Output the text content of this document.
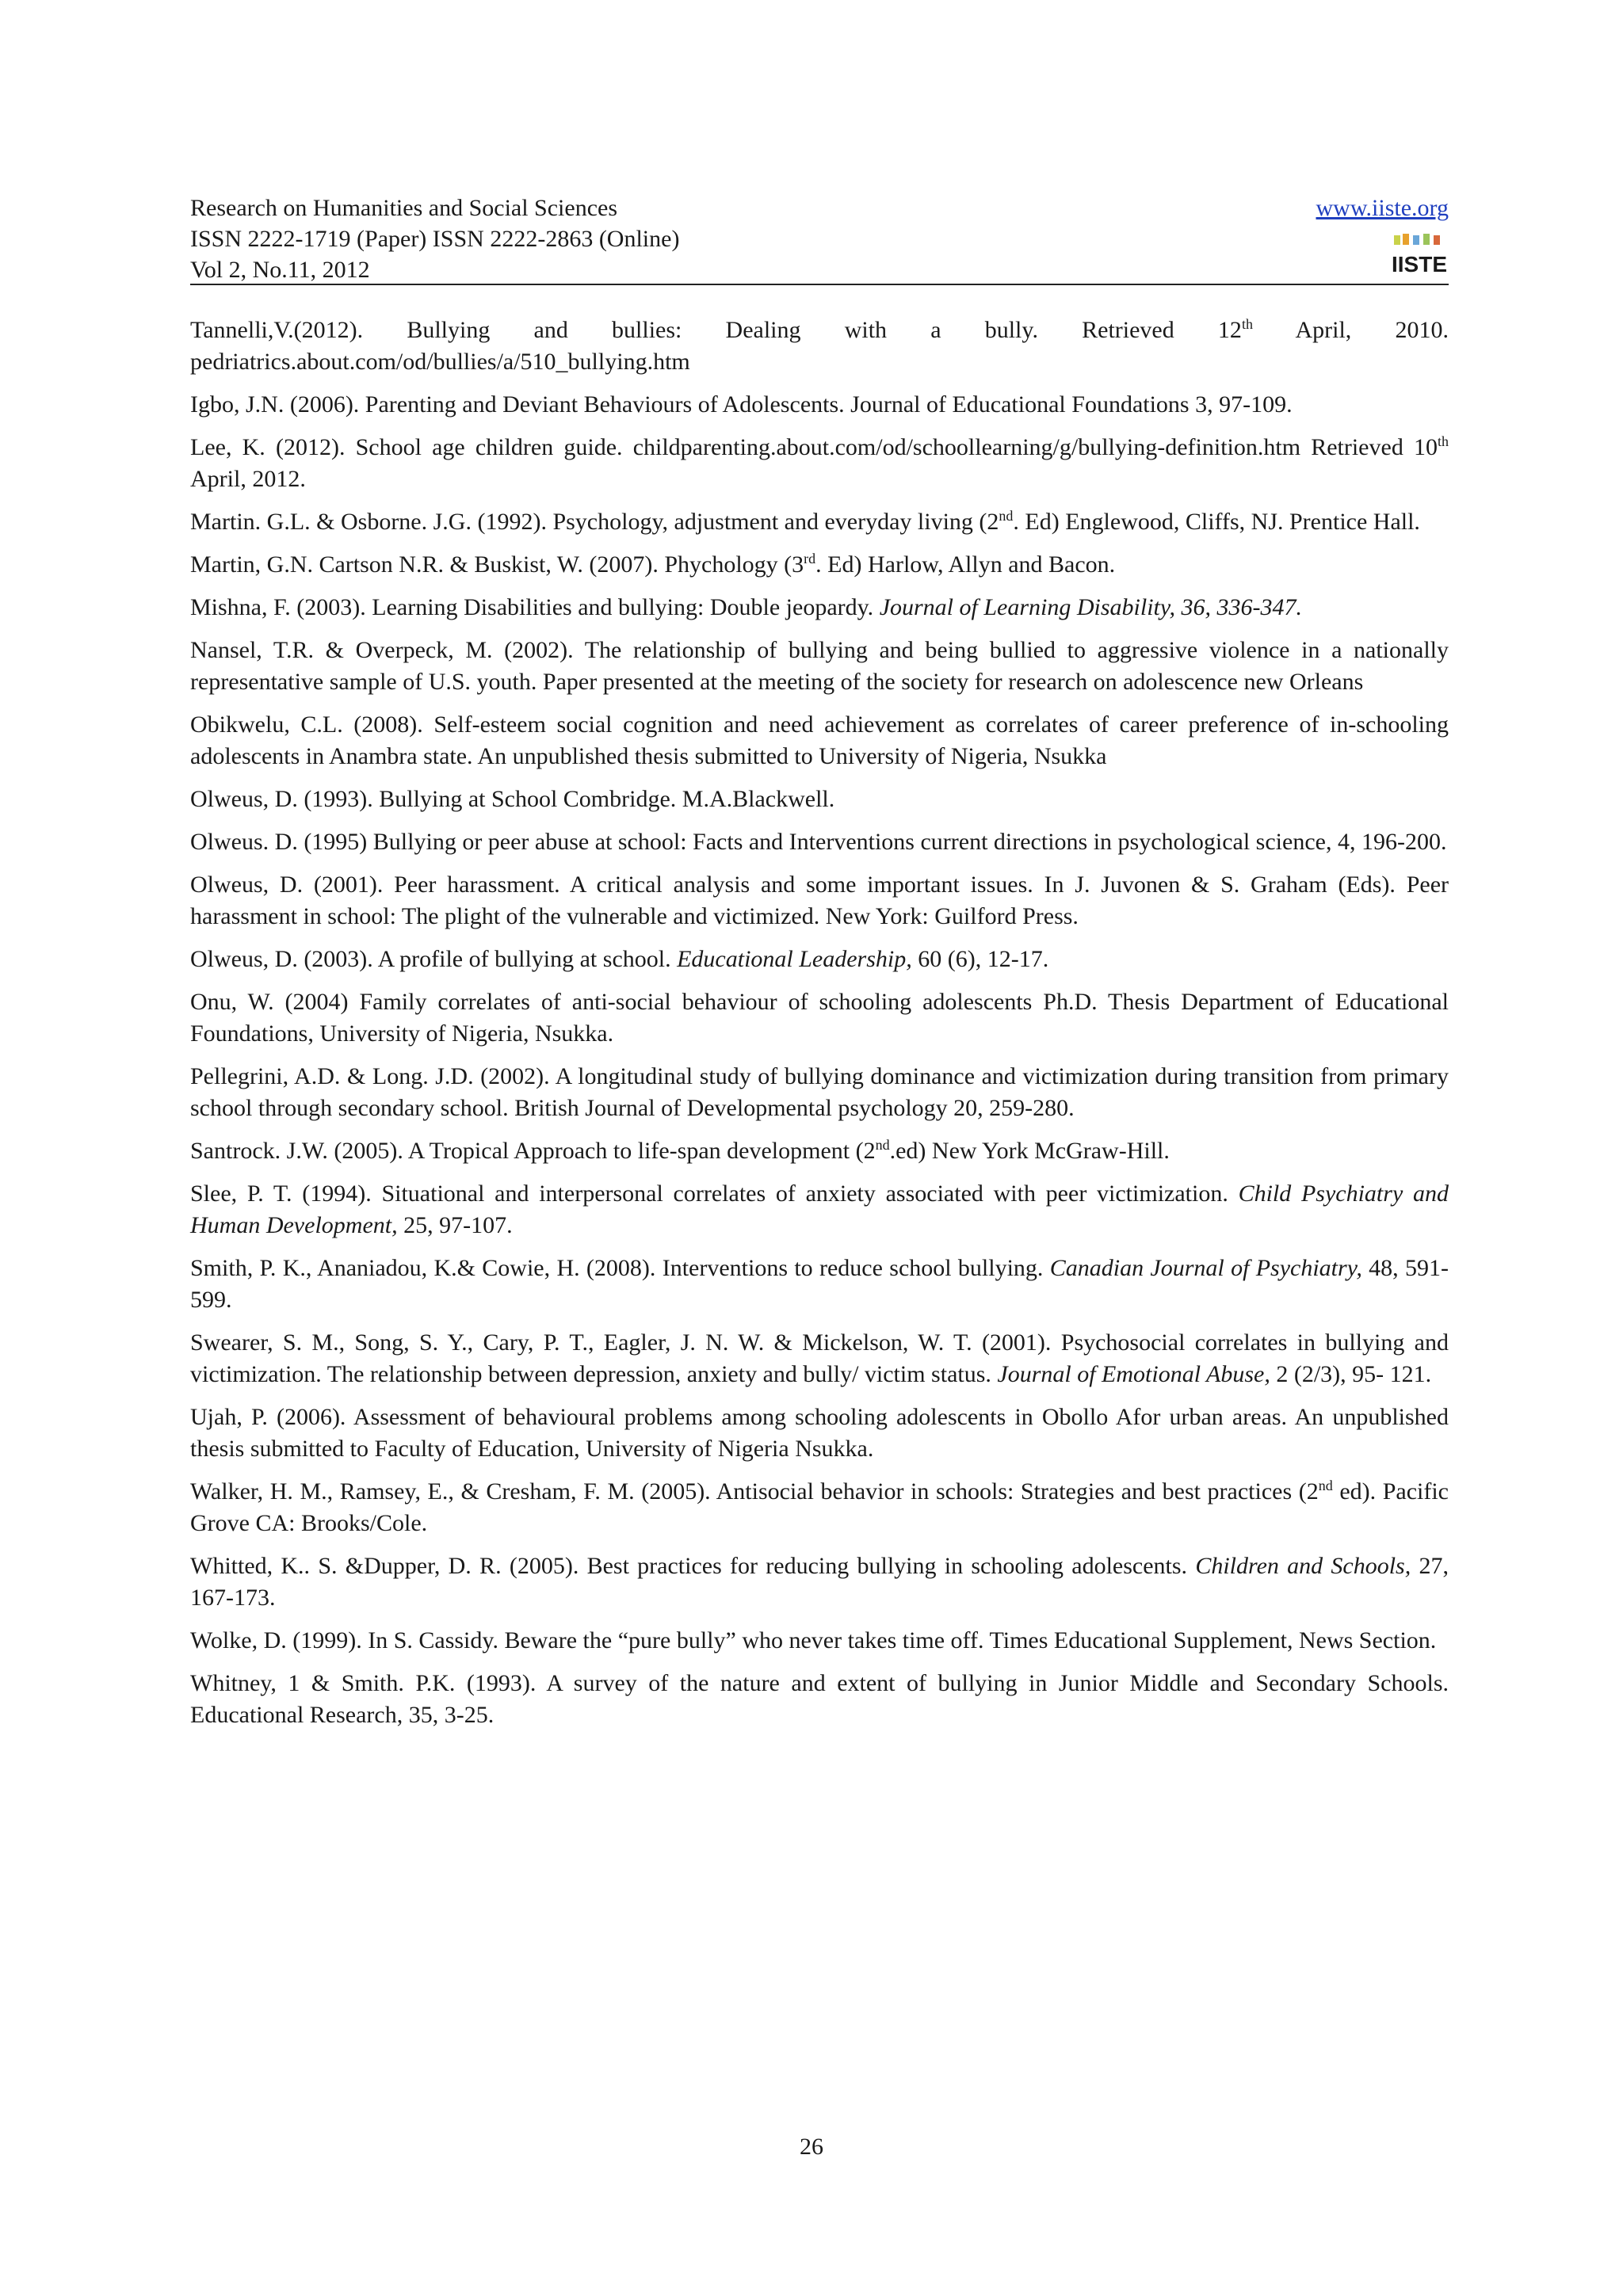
Research on Humanities and Social Sciences
ISSN 2222-1719 (Paper) ISSN 2222-2863 (Online)
Vol 2, No.11, 2012
www.iiste.org
IISTE

Tannelli,V.(2012). Bullying and bullies: Dealing with a bully. Retrieved 12th April, 2010. pedriatrics.about.com/od/bullies/a/510_bullying.htm

Igbo, J.N. (2006). Parenting and Deviant Behaviours of Adolescents. Journal of Educational Foundations 3, 97-109.

Lee, K. (2012). School age children guide. childparenting.about.com/od/schoollearning/g/bullying-definition.htm Retrieved 10th April, 2012.

Martin. G.L. & Osborne. J.G. (1992). Psychology, adjustment and everyday living (2nd. Ed) Englewood, Cliffs, NJ. Prentice Hall.

Martin, G.N. Cartson N.R. & Buskist, W. (2007). Phychology (3rd. Ed) Harlow, Allyn and Bacon.

Mishna, F. (2003). Learning Disabilities and bullying: Double jeopardy. Journal of Learning Disability, 36, 336-347.

Nansel, T.R. & Overpeck, M. (2002). The relationship of bullying and being bullied to aggressive violence in a nationally representative sample of U.S. youth. Paper presented at the meeting of the society for research on adolescence new Orleans

Obikwelu, C.L. (2008). Self-esteem social cognition and need achievement as correlates of career preference of in-schooling adolescents in Anambra state. An unpublished thesis submitted to University of Nigeria, Nsukka

Olweus, D. (1993). Bullying at School Combridge. M.A.Blackwell.

Olweus. D. (1995) Bullying or peer abuse at school: Facts and Interventions current directions in psychological science, 4, 196-200.

Olweus, D. (2001). Peer harassment. A critical analysis and some important issues. In J. Juvonen & S. Graham (Eds). Peer harassment in school: The plight of the vulnerable and victimized. New York: Guilford Press.

Olweus, D. (2003). A profile of bullying at school. Educational Leadership, 60 (6), 12-17.

Onu, W. (2004) Family correlates of anti-social behaviour of schooling adolescents Ph.D. Thesis Department of Educational Foundations, University of Nigeria, Nsukka.

Pellegrini, A.D. & Long. J.D. (2002). A longitudinal study of bullying dominance and victimization during transition from primary school through secondary school. British Journal of Developmental psychology 20, 259-280.

Santrock. J.W. (2005). A Tropical Approach to life-span development (2nd.ed) New York McGraw-Hill.

Slee, P. T. (1994). Situational and interpersonal correlates of anxiety associated with peer victimization. Child Psychiatry and Human Development, 25, 97-107.

Smith, P. K., Ananiadou, K.& Cowie, H. (2008). Interventions to reduce school bullying. Canadian Journal of Psychiatry, 48, 591-599.

Swearer, S. M., Song, S. Y., Cary, P. T., Eagler, J. N. W. & Mickelson, W. T. (2001). Psychosocial correlates in bullying and victimization. The relationship between depression, anxiety and bully/ victim status. Journal of Emotional Abuse, 2 (2/3), 95- 121.

Ujah, P. (2006). Assessment of behavioural problems among schooling adolescents in Obollo Afor urban areas. An unpublished thesis submitted to Faculty of Education, University of Nigeria Nsukka.

Walker, H. M., Ramsey, E., & Cresham, F. M. (2005). Antisocial behavior in schools: Strategies and best practices (2nd ed). Pacific Grove CA: Brooks/Cole.

Whitted, K.. S. &Dupper, D. R. (2005). Best practices for reducing bullying in schooling adolescents. Children and Schools, 27, 167-173.

Wolke, D. (1999). In S. Cassidy. Beware the “pure bully” who never takes time off. Times Educational Supplement, News Section.

Whitney, 1 & Smith. P.K. (1993). A survey of the nature and extent of bullying in Junior Middle and Secondary Schools. Educational Research, 35, 3-25.

26
